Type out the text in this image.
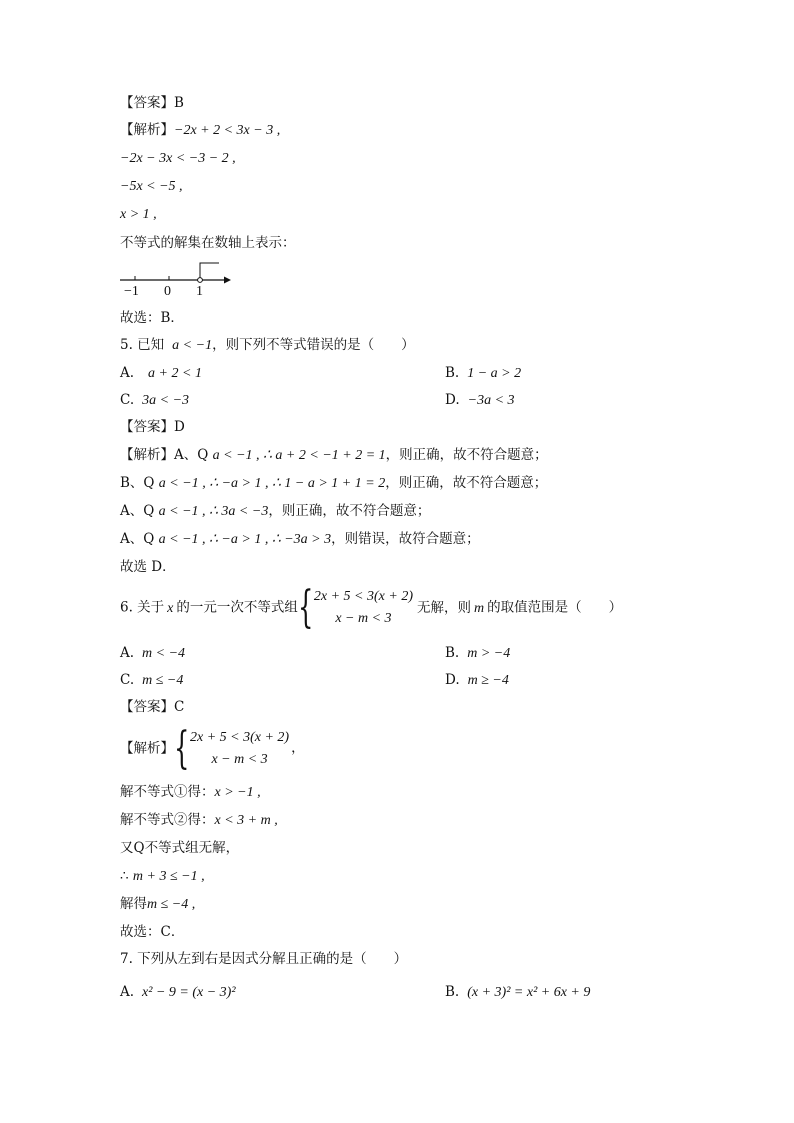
【答案】B
【解析】−2x + 2 < 3x − 3 ,
−2x − 3x < −3 − 2 ,
−5x < −5 ,
x > 1 ,
不等式的解集在数轴上表示：
−1 0 1
故选：B．
5. 已知 a < −1，则下列不等式错误的是（　　）
A. a + 2 < 1	B. 1 − a > 2
C. 3a < −3	D. −3a < 3
【答案】D
【解析】A、Q a < −1 , ∴ a + 2 < −1 + 2 = 1，则正确，故不符合题意；
B、Q a < −1 , ∴ −a > 1 , ∴ 1 − a > 1 + 1 = 2，则正确，故不符合题意；
A、Q a < −1 , ∴ 3a < −3，则正确，故不符合题意；
A、Q a < −1 , ∴ −a > 1 , ∴ −3a > 3，则错误，故符合题意；
故选 D．
6. 关于 x 的一元一次不等式组{ 2x + 5 < 3(x + 2)
x − m < 3
无解，则 m 的取值范围是（　　）
A. m < −4	B. m > −4
C. m ≤ −4	D. m ≥ −4
【答案】C
【解析】{ 2x + 5 < 3(x + 2)
x − m < 3
，
解不等式①得：x > −1 ,
解不等式②得：x < 3 + m ,
又Q不等式组无解，
∴ m + 3 ≤ −1 ,
解得m ≤ −4 ,
故选：C．
7. 下列从左到右是因式分解且正确的是（　　）
A. x² − 9 = (x − 3)²	B. (x + 3)² = x² + 6x + 9
